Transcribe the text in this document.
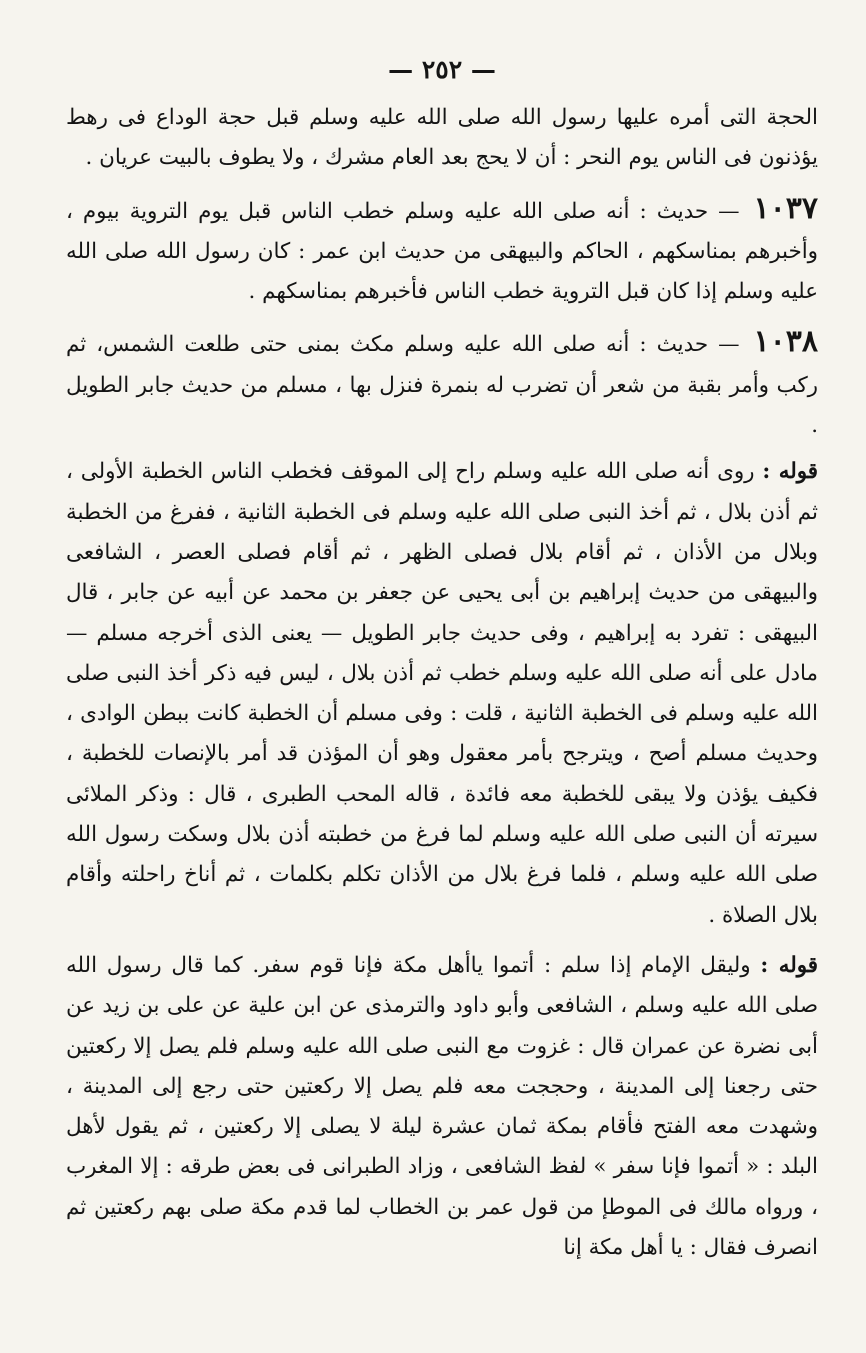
— ٢٥٢ —

الحجة التى أمره عليها رسول الله صلى الله عليه وسلم قبل حجة الوداع فى رهط يؤذنون فى الناس يوم النحر : أن لا يحج بعد العام مشرك ، ولا يطوف بالبيت عريان .

١٠٣٧ — حديث : أنه صلى الله عليه وسلم خطب الناس قبل يوم التروية بيوم ، وأخبرهم بمناسكهم ، الحاكم والبيهقى من حديث ابن عمر : كان رسول الله صلى الله عليه وسلم إذا كان قبل التروية خطب الناس فأخبرهم بمناسكهم .

١٠٣٨ — حديث : أنه صلى الله عليه وسلم مكث بمنى حتى طلعت الشمس، ثم ركب وأمر بقبة من شعر أن تضرب له بنمرة فنزل بها ، مسلم من حديث جابر الطويل .

قوله : روى أنه صلى الله عليه وسلم راح إلى الموقف فخطب الناس الخطبة الأولى ، ثم أذن بلال ، ثم أخذ النبى صلى الله عليه وسلم فى الخطبة الثانية ، ففرغ من الخطبة وبلال من الأذان ، ثم أقام بلال فصلى الظهر ، ثم أقام فصلى العصر ، الشافعى والبيهقى من حديث إبراهيم بن أبى يحيى عن جعفر بن محمد عن أبيه عن جابر ، قال البيهقى : تفرد به إبراهيم ، وفى حديث جابر الطويل — يعنى الذى أخرجه مسلم — مادل على أنه صلى الله عليه وسلم خطب ثم أذن بلال ، ليس فيه ذكر أخذ النبى صلى الله عليه وسلم فى الخطبة الثانية ، قلت : وفى مسلم أن الخطبة كانت ببطن الوادى ، وحديث مسلم أصح ، ويترجح بأمر معقول وهو أن المؤذن قد أمر بالإنصات للخطبة ، فكيف يؤذن ولا يبقى للخطبة معه فائدة ، قاله المحب الطبرى ، قال : وذكر الملائى سيرته أن النبى صلى الله عليه وسلم لما فرغ من خطبته أذن بلال وسكت رسول الله صلى الله عليه وسلم ، فلما فرغ بلال من الأذان تكلم بكلمات ، ثم أناخ راحلته وأقام بلال الصلاة .

قوله : وليقل الإمام إذا سلم : أتموا ياأهل مكة فإنا قوم سفر. كما قال رسول الله صلى الله عليه وسلم ، الشافعى وأبو داود والترمذى عن ابن علية عن على بن زيد عن أبى نضرة عن عمران قال : غزوت مع النبى صلى الله عليه وسلم فلم يصل إلا ركعتين حتى رجعنا إلى المدينة ، وحججت معه فلم يصل إلا ركعتين حتى رجع إلى المدينة ، وشهدت معه الفتح فأقام بمكة ثمان عشرة ليلة لا يصلى إلا ركعتين ، ثم يقول لأهل البلد : « أتموا فإنا سفر » لفظ الشافعى ، وزاد الطبرانى فى بعض طرقه : إلا المغرب ، ورواه مالك فى الموطإ من قول عمر بن الخطاب لما قدم مكة صلى بهم ركعتين ثم انصرف فقال : يا أهل مكة إنا
